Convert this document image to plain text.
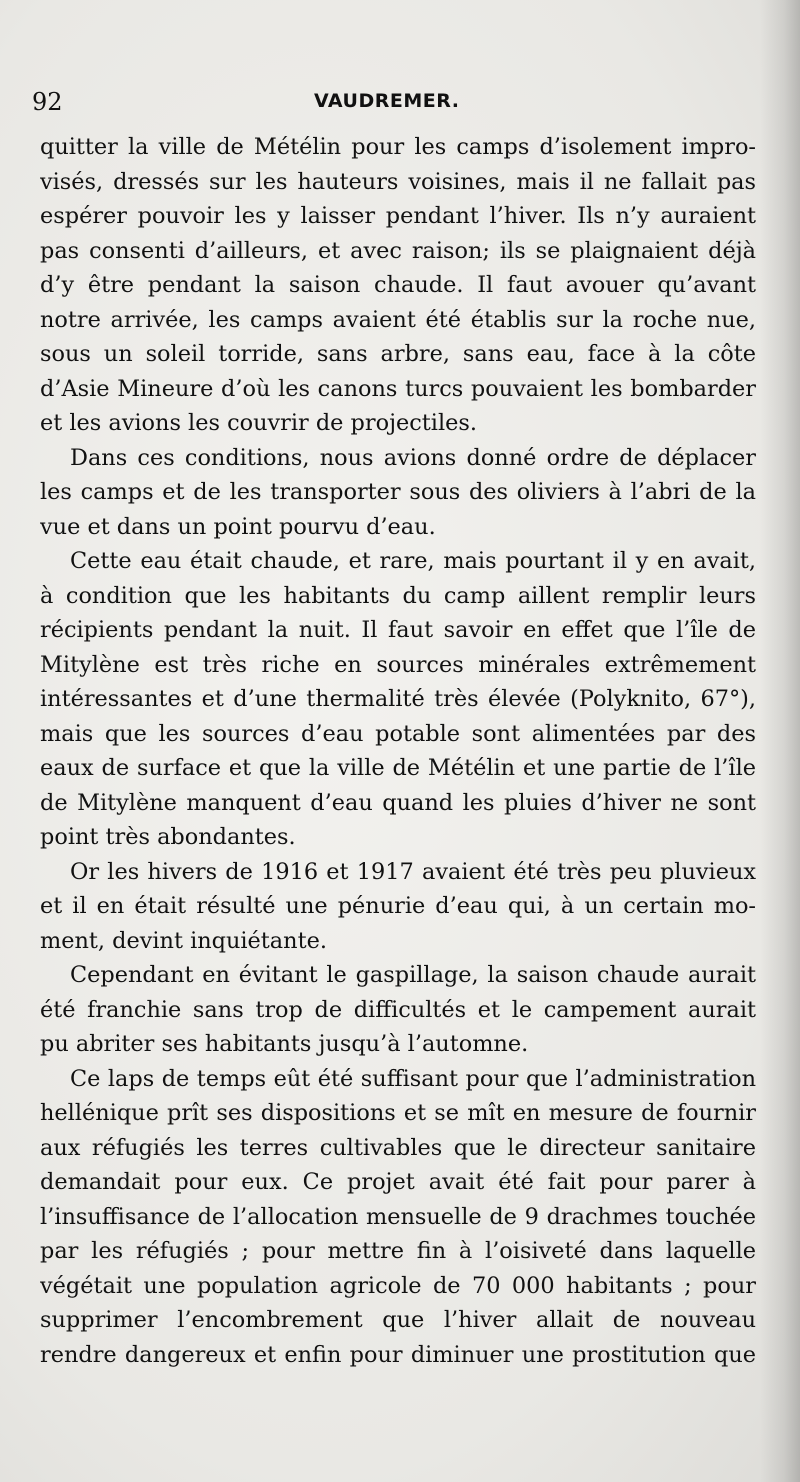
92	VAUDREMER.
quitter la ville de Métélin pour les camps d’isolement impro-
visés, dressés sur les hauteurs voisines, mais il ne fallait pas
espérer pouvoir les y laisser pendant l’hiver. Ils n’y auraient
pas consenti d’ailleurs, et avec raison; ils se plaignaient déjà
d’y être pendant la saison chaude. Il faut avouer qu’avant
notre arrivée, les camps avaient été établis sur la roche nue,
sous un soleil torride, sans arbre, sans eau, face à la côte
d’Asie Mineure d’où les canons turcs pouvaient les bombarder
et les avions les couvrir de projectiles.
Dans ces conditions, nous avions donné ordre de déplacer
les camps et de les transporter sous des oliviers à l’abri de la
vue et dans un point pourvu d’eau.
Cette eau était chaude, et rare, mais pourtant il y en avait,
à condition que les habitants du camp aillent remplir leurs
récipients pendant la nuit. Il faut savoir en effet que l’île de
Mitylène est très riche en sources minérales extrêmement
intéressantes et d’une thermalité très élevée (Polyknito, 67°),
mais que les sources d’eau potable sont alimentées par des
eaux de surface et que la ville de Métélin et une partie de l’île
de Mitylène manquent d’eau quand les pluies d’hiver ne sont
point très abondantes.
Or les hivers de 1916 et 1917 avaient été très peu pluvieux
et il en était résulté une pénurie d’eau qui, à un certain mo-
ment, devint inquiétante.
Cependant en évitant le gaspillage, la saison chaude aurait
été franchie sans trop de difficultés et le campement aurait
pu abriter ses habitants jusqu’à l’automne.
Ce laps de temps eût été suffisant pour que l’administration
hellénique prît ses dispositions et se mît en mesure de fournir
aux réfugiés les terres cultivables que le directeur sanitaire
demandait pour eux. Ce projet avait été fait pour parer à
l’insuffisance de l’allocation mensuelle de 9 drachmes touchée
par les réfugiés ; pour mettre fin à l’oisiveté dans laquelle
végétait une population agricole de 70 000 habitants ; pour
supprimer l’encombrement que l’hiver allait de nouveau
rendre dangereux et enfin pour diminuer une prostitution que
